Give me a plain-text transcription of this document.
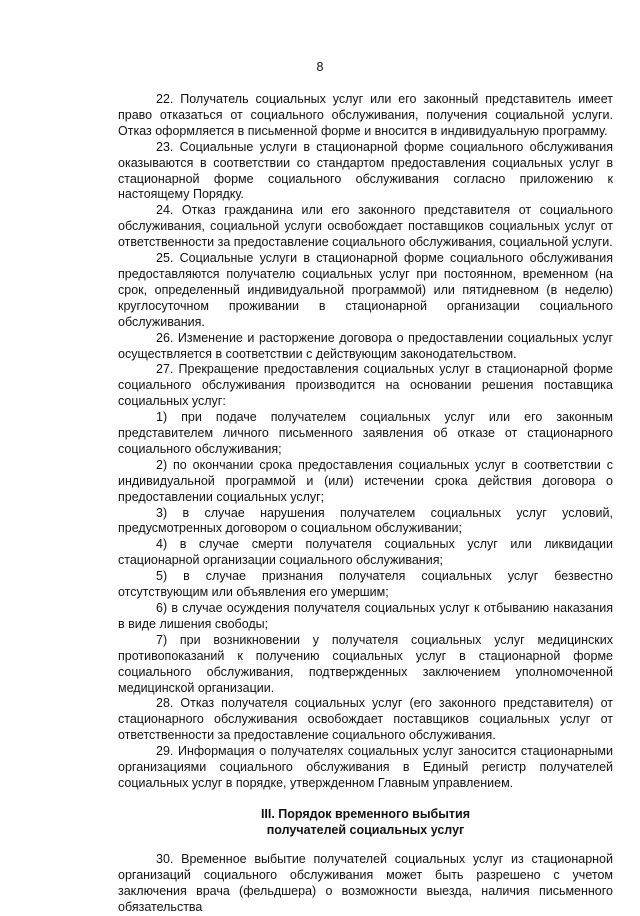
8

22. Получатель социальных услуг или его законный представитель имеет право отказаться от социального обслуживания, получения социальной услуги. Отказ оформляется в письменной форме и вносится в индивидуальную программу.

23. Социальные услуги в стационарной форме социального обслуживания оказываются в соответствии со стандартом предоставления социальных услуг в стационарной форме социального обслуживания согласно приложению к настоящему Порядку.

24. Отказ гражданина или его законного представителя от социального обслуживания, социальной услуги освобождает поставщиков социальных услуг от ответственности за предоставление социального обслуживания, социальной услуги.

25. Социальные услуги в стационарной форме социального обслуживания предоставляются получателю социальных услуг при постоянном, временном (на срок, определенный индивидуальной программой) или пятидневном (в неделю) круглосуточном проживании в стационарной организации социального обслуживания.

26. Изменение и расторжение договора о предоставлении социальных услуг осуществляется в соответствии с действующим законодательством.

27. Прекращение предоставления социальных услуг в стационарной форме социального обслуживания производится на основании решения поставщика социальных услуг:

1) при подаче получателем социальных услуг или его законным представителем личного письменного заявления об отказе от стационарного социального обслуживания;

2) по окончании срока предоставления социальных услуг в соответствии с индивидуальной программой и (или) истечении срока действия договора о предоставлении социальных услуг;

3) в случае нарушения получателем социальных услуг условий, предусмотренных договором о социальном обслуживании;

4) в случае смерти получателя социальных услуг или ликвидации стационарной организации социального обслуживания;

5) в случае признания получателя социальных услуг безвестно отсутствующим или объявления его умершим;

6) в случае осуждения получателя социальных услуг к отбыванию наказания в виде лишения свободы;

7) при возникновении у получателя социальных услуг медицинских противопоказаний к получению социальных услуг в стационарной форме социального обслуживания, подтвержденных заключением уполномоченной медицинской организации.

28. Отказ получателя социальных услуг (его законного представителя) от стационарного обслуживания освобождает поставщиков социальных услуг от ответственности за предоставление социального обслуживания.

29. Информация о получателях социальных услуг заносится стационарными организациями социального обслуживания в Единый регистр получателей социальных услуг в порядке, утвержденном Главным управлением.

III. Порядок временного выбытия
получателей социальных услуг

30. Временное выбытие получателей социальных услуг из стационарной организаций социального обслуживания может быть разрешено с учетом заключения врача (фельдшера) о возможности выезда, наличия письменного обязательства
